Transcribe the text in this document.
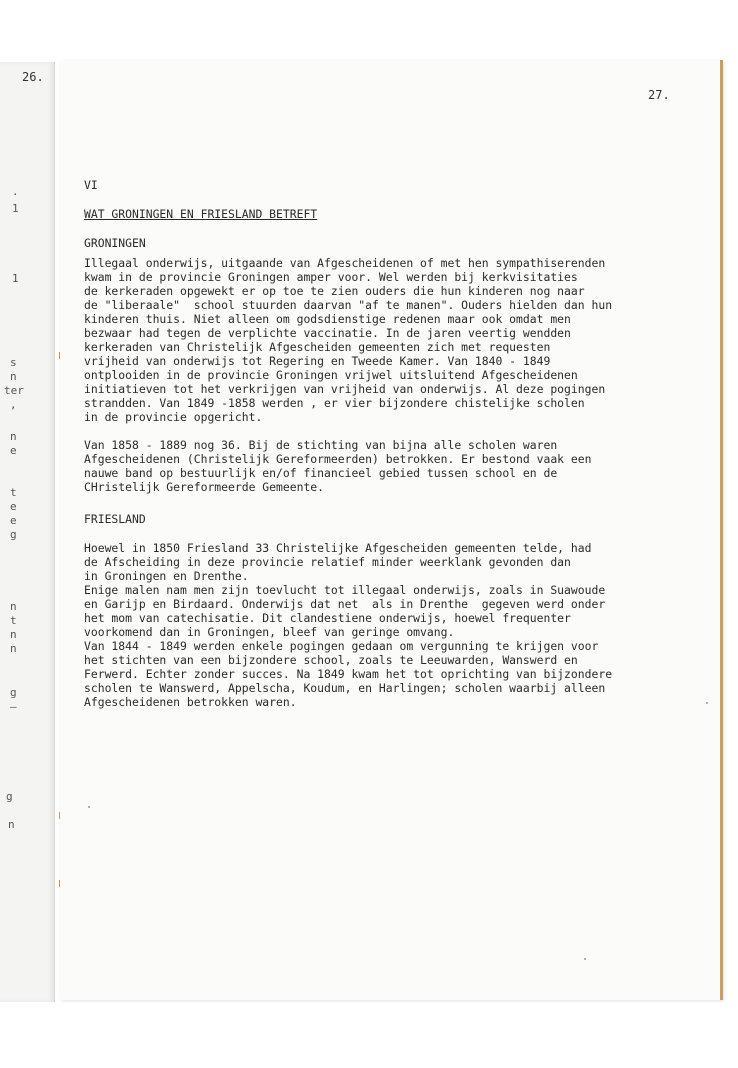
26.
·
1
1
s
n
ter
,
n
e
t
e
e
g
n
t
n
n
g
–
g
n
27.
VI
WAT GRONINGEN EN FRIESLAND BETREFT
GRONINGEN
Illegaal onderwijs, uitgaande van Afgescheidenen of met hen sympathiserenden
kwam in de provincie Groningen amper voor. Wel werden bij kerkvisitaties
de kerkeraden opgewekt er op toe te zien ouders die hun kinderen nog naar
de "liberaale"  school stuurden daarvan "af te manen". Ouders hielden dan hun
kinderen thuis. Niet alleen om godsdienstige redenen maar ook omdat men
bezwaar had tegen de verplichte vaccinatie. In de jaren veertig wendden
kerkeraden van Christelijk Afgescheiden gemeenten zich met requesten
vrijheid van onderwijs tot Regering en Tweede Kamer. Van 1840 - 1849
ontplooiden in de provincie Groningen vrijwel uitsluitend Afgescheidenen
initiatieven tot het verkrijgen van vrijheid van onderwijs. Al deze pogingen
strandden. Van 1849 -1858 werden , er vier bijzondere chistelijke scholen
in de provincie opgericht.
Van 1858 - 1889 nog 36. Bij de stichting van bijna alle scholen waren
Afgescheidenen (Christelijk Gereformeerden) betrokken. Er bestond vaak een
nauwe band op bestuurlijk en/of financieel gebied tussen school en de
CHristelijk Gereformeerde Gemeente.
FRIESLAND
Hoewel in 1850 Friesland 33 Christelijke Afgescheiden gemeenten telde, had
de Afscheiding in deze provincie relatief minder weerklank gevonden dan
in Groningen en Drenthe.
Enige malen nam men zijn toevlucht tot illegaal onderwijs, zoals in Suawoude
en Garijp en Birdaard. Onderwijs dat net  als in Drenthe  gegeven werd onder
het mom van catechisatie. Dit clandestiene onderwijs, hoewel frequenter
voorkomend dan in Groningen, bleef van geringe omvang.
Van 1844 - 1849 werden enkele pogingen gedaan om vergunning te krijgen voor
het stichten van een bijzondere school, zoals te Leeuwarden, Wanswerd en
Ferwerd. Echter zonder succes. Na 1849 kwam het tot oprichting van bijzondere
scholen te Wanswerd, Appelscha, Koudum, en Harlingen; scholen waarbij alleen
Afgescheidenen betrokken waren.
